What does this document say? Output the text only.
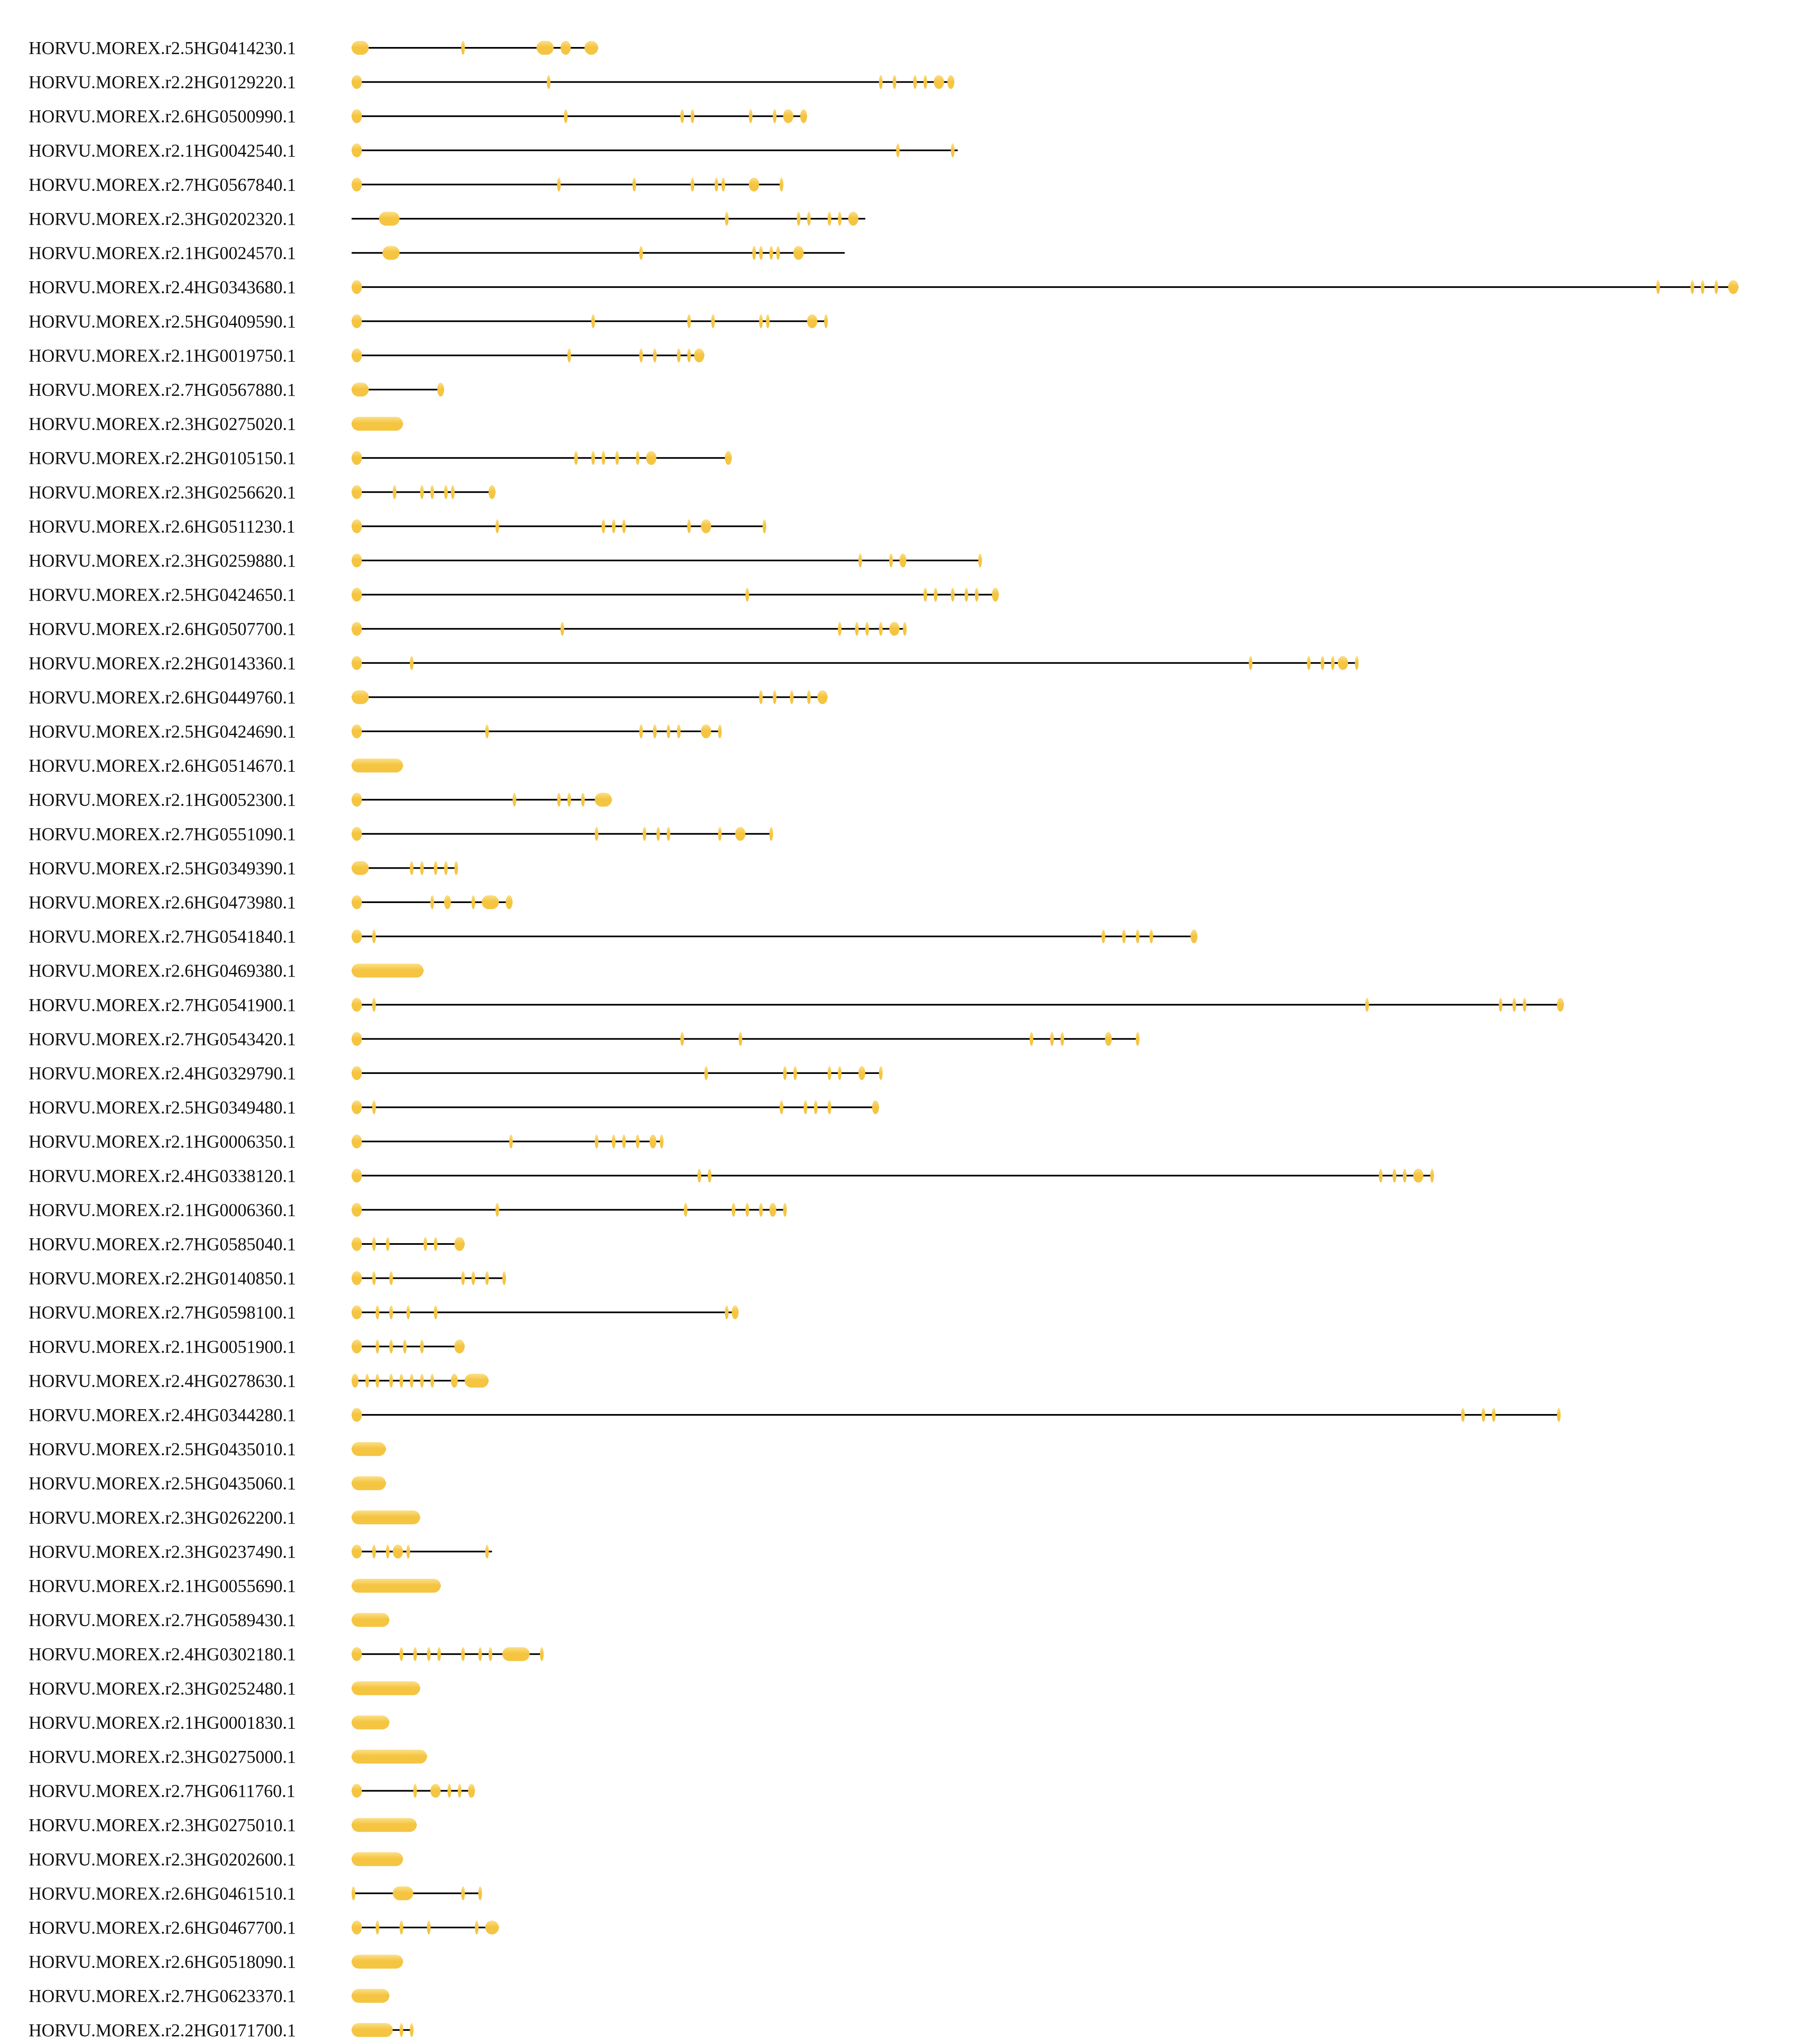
HORVU.MOREX.r2.5HG0414230.1
HORVU.MOREX.r2.2HG0129220.1
HORVU.MOREX.r2.6HG0500990.1
HORVU.MOREX.r2.1HG0042540.1
HORVU.MOREX.r2.7HG0567840.1
HORVU.MOREX.r2.3HG0202320.1
HORVU.MOREX.r2.1HG0024570.1
HORVU.MOREX.r2.4HG0343680.1
HORVU.MOREX.r2.5HG0409590.1
HORVU.MOREX.r2.1HG0019750.1
HORVU.MOREX.r2.7HG0567880.1
HORVU.MOREX.r2.3HG0275020.1
HORVU.MOREX.r2.2HG0105150.1
HORVU.MOREX.r2.3HG0256620.1
HORVU.MOREX.r2.6HG0511230.1
HORVU.MOREX.r2.3HG0259880.1
HORVU.MOREX.r2.5HG0424650.1
HORVU.MOREX.r2.6HG0507700.1
HORVU.MOREX.r2.2HG0143360.1
HORVU.MOREX.r2.6HG0449760.1
HORVU.MOREX.r2.5HG0424690.1
HORVU.MOREX.r2.6HG0514670.1
HORVU.MOREX.r2.1HG0052300.1
HORVU.MOREX.r2.7HG0551090.1
HORVU.MOREX.r2.5HG0349390.1
HORVU.MOREX.r2.6HG0473980.1
HORVU.MOREX.r2.7HG0541840.1
HORVU.MOREX.r2.6HG0469380.1
HORVU.MOREX.r2.7HG0541900.1
HORVU.MOREX.r2.7HG0543420.1
HORVU.MOREX.r2.4HG0329790.1
HORVU.MOREX.r2.5HG0349480.1
HORVU.MOREX.r2.1HG0006350.1
HORVU.MOREX.r2.4HG0338120.1
HORVU.MOREX.r2.1HG0006360.1
HORVU.MOREX.r2.7HG0585040.1
HORVU.MOREX.r2.2HG0140850.1
HORVU.MOREX.r2.7HG0598100.1
HORVU.MOREX.r2.1HG0051900.1
HORVU.MOREX.r2.4HG0278630.1
HORVU.MOREX.r2.4HG0344280.1
HORVU.MOREX.r2.5HG0435010.1
HORVU.MOREX.r2.5HG0435060.1
HORVU.MOREX.r2.3HG0262200.1
HORVU.MOREX.r2.3HG0237490.1
HORVU.MOREX.r2.1HG0055690.1
HORVU.MOREX.r2.7HG0589430.1
HORVU.MOREX.r2.4HG0302180.1
HORVU.MOREX.r2.3HG0252480.1
HORVU.MOREX.r2.1HG0001830.1
HORVU.MOREX.r2.3HG0275000.1
HORVU.MOREX.r2.7HG0611760.1
HORVU.MOREX.r2.3HG0275010.1
HORVU.MOREX.r2.3HG0202600.1
HORVU.MOREX.r2.6HG0461510.1
HORVU.MOREX.r2.6HG0467700.1
HORVU.MOREX.r2.6HG0518090.1
HORVU.MOREX.r2.7HG0623370.1
HORVU.MOREX.r2.2HG0171700.1
